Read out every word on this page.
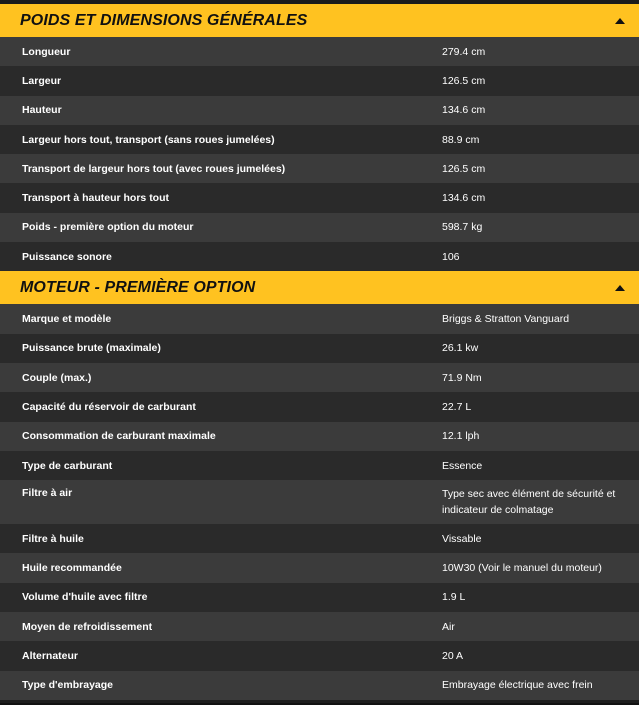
POIDS ET DIMENSIONS GÉNÉRALES
Longueur	279.4 cm
Largeur	126.5 cm
Hauteur	134.6 cm
Largeur hors tout, transport (sans roues jumelées)	88.9 cm
Transport de largeur hors tout (avec roues jumelées)	126.5 cm
Transport à hauteur hors tout	134.6 cm
Poids - première option du moteur	598.7 kg
Puissance sonore	106
MOTEUR - PREMIÈRE OPTION
Marque et modèle	Briggs & Stratton Vanguard
Puissance brute (maximale)	26.1 kw
Couple (max.)	71.9 Nm
Capacité du réservoir de carburant	22.7 L
Consommation de carburant maximale	12.1 lph
Type de carburant	Essence
Filtre à air	Type sec avec élément de sécurité et indicateur de colmatage
Filtre à huile	Vissable
Huile recommandée	10W30 (Voir le manuel du moteur)
Volume d'huile avec filtre	1.9 L
Moyen de refroidissement	Air
Alternateur	20 A
Type d'embrayage	Embrayage électrique avec frein
